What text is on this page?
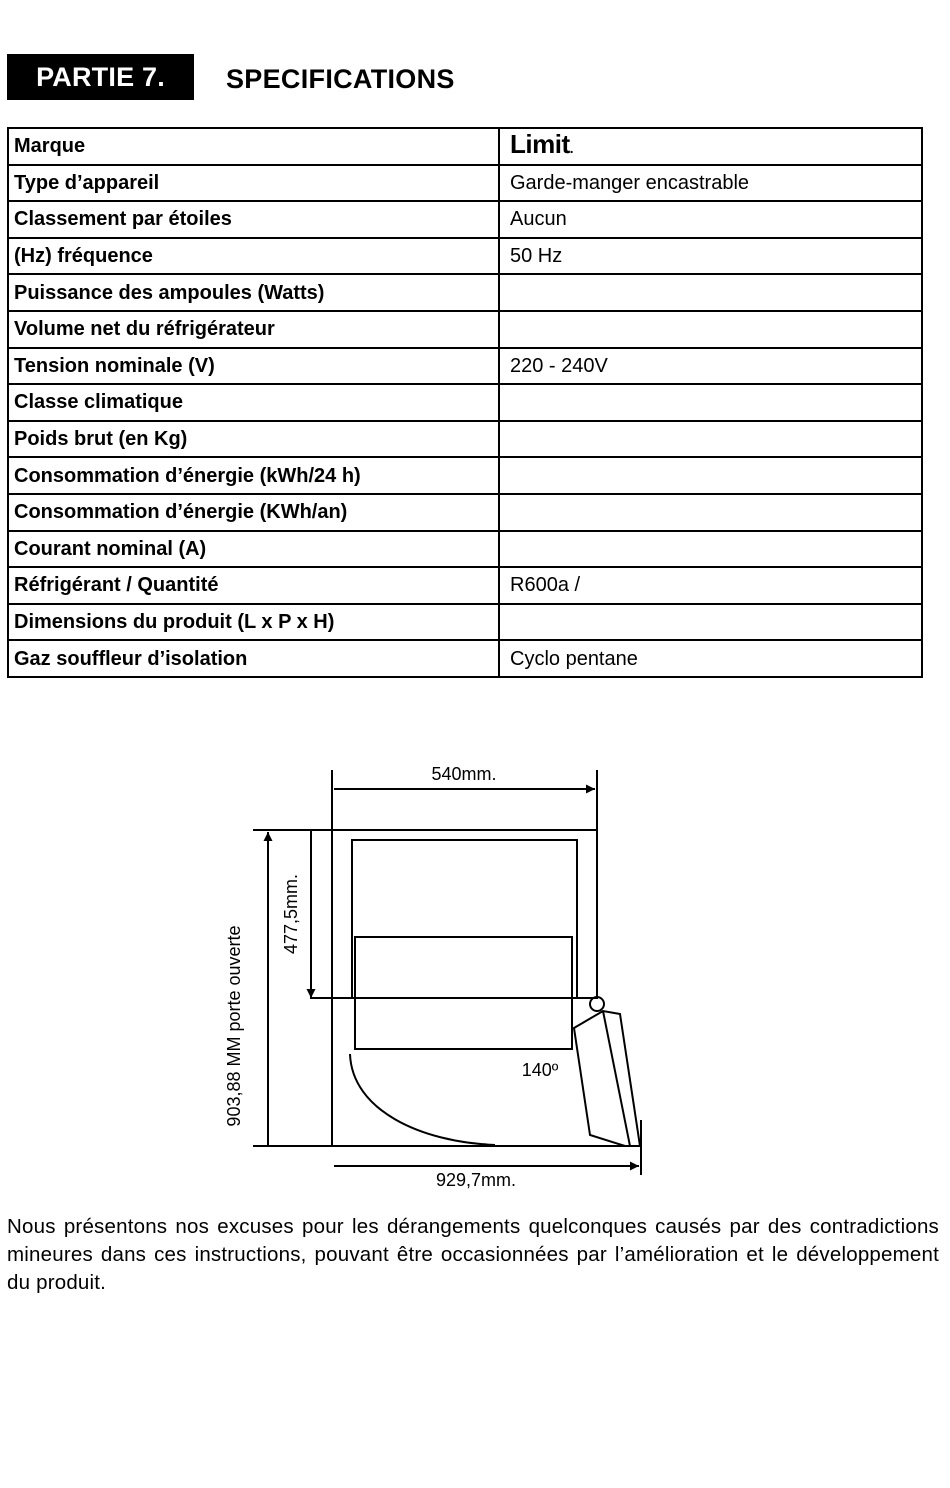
PARTIE 7.	SPECIFICATIONS
Marque	Limit.
Type d’appareil	Garde-manger encastrable
Classement par étoiles	Aucun
(Hz) fréquence	50 Hz
Puissance des ampoules (Watts)	
Volume net du réfrigérateur	
Tension nominale (V)	220 - 240V
Classe climatique	
Poids brut (en Kg)	
Consommation d’énergie (kWh/24 h)	
Consommation d’énergie (KWh/an)	
Courant nominal (A)	
Réfrigérant / Quantité	R600a /
Dimensions du produit (L x P x H)	
Gaz souffleur d’isolation	Cyclo pentane
540mm.
477,5mm.
903,88 MM porte ouverte	140º
929,7mm.

Nous présentons nos excuses pour les dérangements quelconques causés par des contradictions mineures dans ces instructions, pouvant être occasionnées par l’amélioration et le développement du produit.
